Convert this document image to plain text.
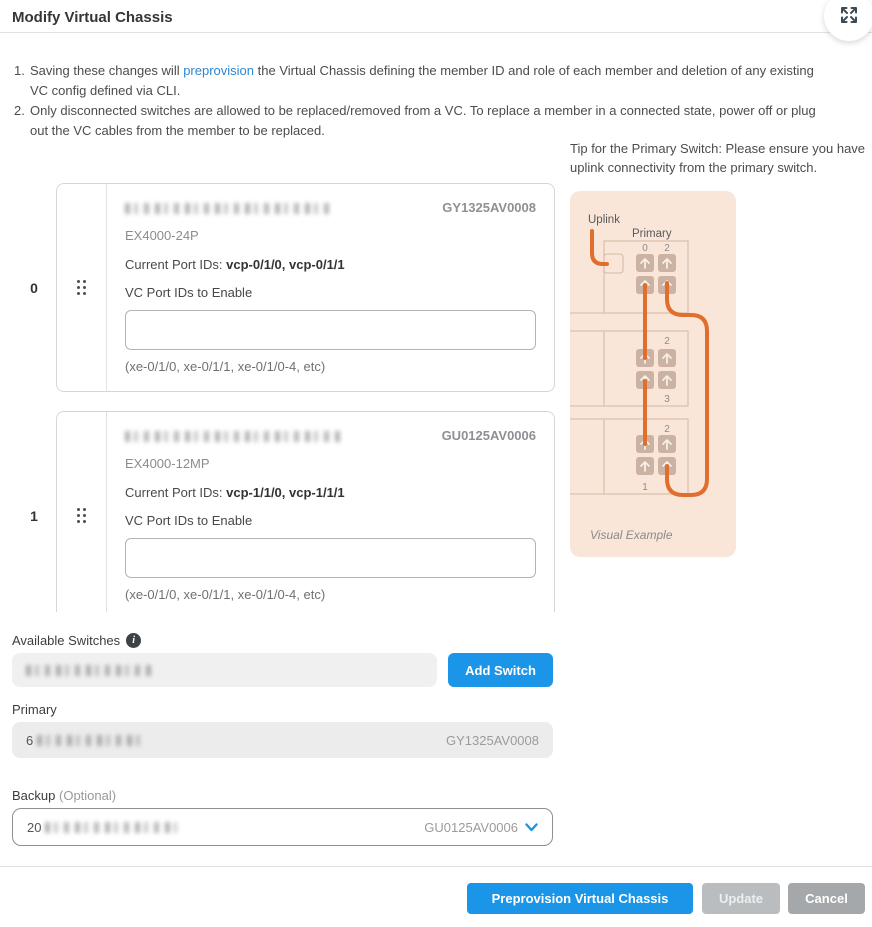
Modify Virtual Chassis
1. Saving these changes will preprovision the Virtual Chassis defining the member ID and role of each member and deletion of any existing VC config defined via CLI.
2. Only disconnected switches are allowed to be replaced/removed from a VC. To replace a member in a connected state, power off or plug out the VC cables from the member to be replaced.
0
GY1325AV0008
EX4000-24P
Current Port IDs: vcp-0/1/0, vcp-0/1/1
VC Port IDs to Enable
(xe-0/1/0, xe-0/1/1, xe-0/1/0-4, etc)
1
GU0125AV0006
EX4000-12MP
Current Port IDs: vcp-1/1/0, vcp-1/1/1
VC Port IDs to Enable
(xe-0/1/0, xe-0/1/1, xe-0/1/0-4, etc)
Tip for the Primary Switch: Please ensure you have uplink connectivity from the primary switch.
Uplink
Primary
0 2
2
3
2
1
Visual Example
Available Switches	i
Add Switch
Primary
6	GY1325AV0008
Backup (Optional)
20	GU0125AV0006
Preprovision Virtual Chassis	Update	Cancel
